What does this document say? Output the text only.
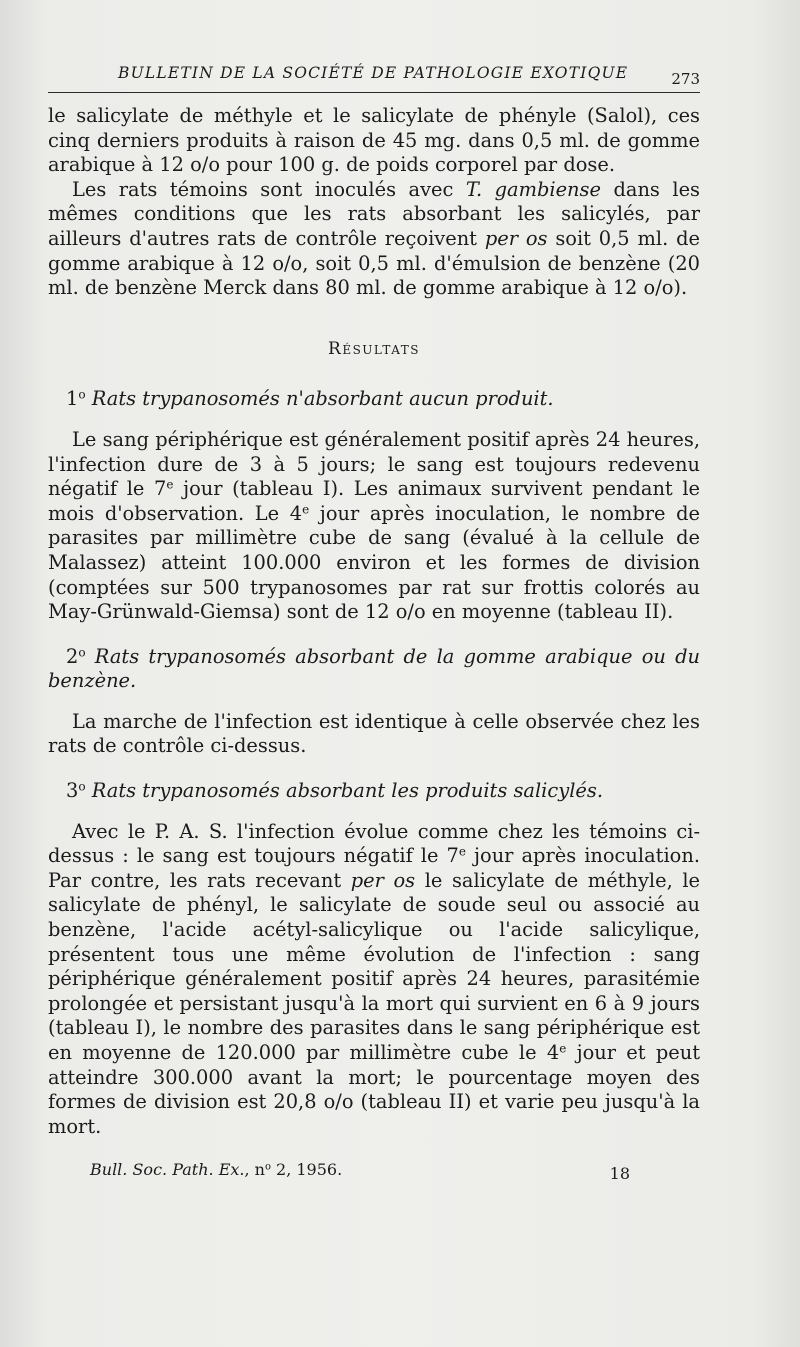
BULLETIN DE LA SOCIÉTÉ DE PATHOLOGIE EXOTIQUE	273

le salicylate de méthyle et le salicylate de phényle (Salol), ces cinq derniers produits à raison de 45 mg. dans 0,5 ml. de gomme arabique à 12 o/o pour 100 g. de poids corporel par dose.

Les rats témoins sont inoculés avec T. gambiense dans les mêmes conditions que les rats absorbant les salicylés, par ailleurs d'autres rats de contrôle reçoivent per os soit 0,5 ml. de gomme arabique à 12 o/o, soit 0,5 ml. d'émulsion de benzène (20 ml. de benzène Merck dans 80 ml. de gomme arabique à 12 o/o).

Résultats

1$^o$ Rats trypanosomés n'absorbant aucun produit.

Le sang périphérique est généralement positif après 24 heures, l'infection dure de 3 à 5 jours; le sang est toujours redevenu négatif le 7e jour (tableau I). Les animaux survivent pendant le mois d'observation. Le 4e jour après inoculation, le nombre de parasites par millimètre cube de sang (évalué à la cellule de Malassez) atteint 100.000 environ et les formes de division (comptées sur 500 trypanosomes par rat sur frottis colorés au May-Grünwald-Giemsa) sont de 12 o/o en moyenne (tableau II).

2$^o$ Rats trypanosomés absorbant de la gomme arabique ou du benzène.

La marche de l'infection est identique à celle observée chez les rats de contrôle ci-dessus.

3$^o$ Rats trypanosomés absorbant les produits salicylés.

Avec le P. A. S. l'infection évolue comme chez les témoins ci-dessus : le sang est toujours négatif le 7e jour après inoculation. Par contre, les rats recevant per os le salicylate de méthyle, le salicylate de phényl, le salicylate de soude seul ou associé au benzène, l'acide acétyl-salicylique ou l'acide salicylique, présentent tous une même évolution de l'infection : sang périphérique généralement positif après 24 heures, parasitémie prolongée et persistant jusqu'à la mort qui survient en 6 à 9 jours (tableau I), le nombre des parasites dans le sang périphérique est en moyenne de 120.000 par millimètre cube le 4e jour et peut atteindre 300.000 avant la mort; le pourcentage moyen des formes de division est 20,8 o/o (tableau II) et varie peu jusqu'à la mort.

Bull. Soc. Path. Ex., $n^o$ 2, 1956.	18
